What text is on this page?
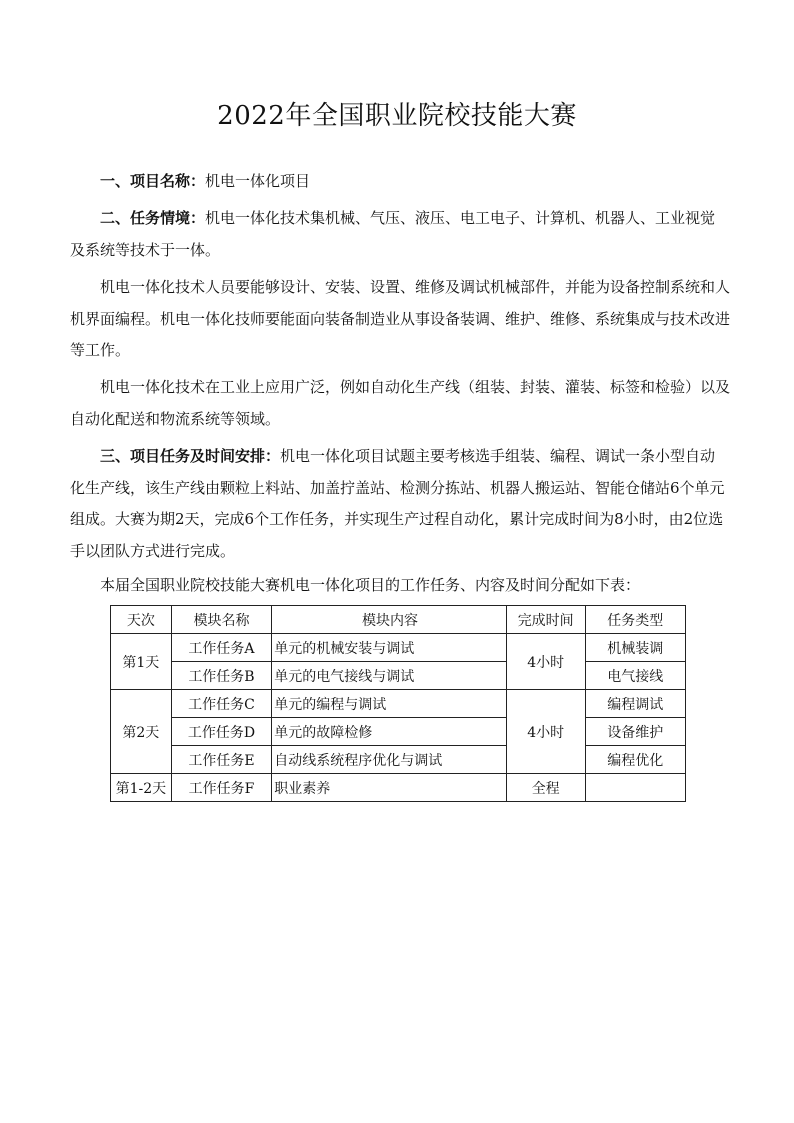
2022年全国职业院校技能大赛
一、项目名称：机电一体化项目
二、任务情境：机电一体化技术集机械、气压、液压、电工电子、计算机、机器人、工业视觉及系统等技术于一体。
机电一体化技术人员要能够设计、安装、设置、维修及调试机械部件，并能为设备控制系统和人机界面编程。机电一体化技师要能面向装备制造业从事设备装调、维护、维修、系统集成与技术改进等工作。
机电一体化技术在工业上应用广泛，例如自动化生产线（组装、封装、灌装、标签和检验）以及自动化配送和物流系统等领域。
三、项目任务及时间安排：机电一体化项目试题主要考核选手组装、编程、调试一条小型自动化生产线，该生产线由颗粒上料站、加盖拧盖站、检测分拣站、机器人搬运站、智能仓储站6个单元组成。大赛为期2天，完成6个工作任务，并实现生产过程自动化，累计完成时间为8小时，由2位选手以团队方式进行完成。
本届全国职业院校技能大赛机电一体化项目的工作任务、内容及时间分配如下表：
天次	模块名称	模块内容	完成时间	任务类型
第1天	工作任务A	单元的机械安装与调试	4小时	机械装调
	工作任务B	单元的电气接线与调试		电气接线
第2天	工作任务C	单元的编程与调试	4小时	编程调试
	工作任务D	单元的故障检修		设备维护
	工作任务E	自动线系统程序优化与调试		编程优化
第1-2天	工作任务F	职业素养	全程	
